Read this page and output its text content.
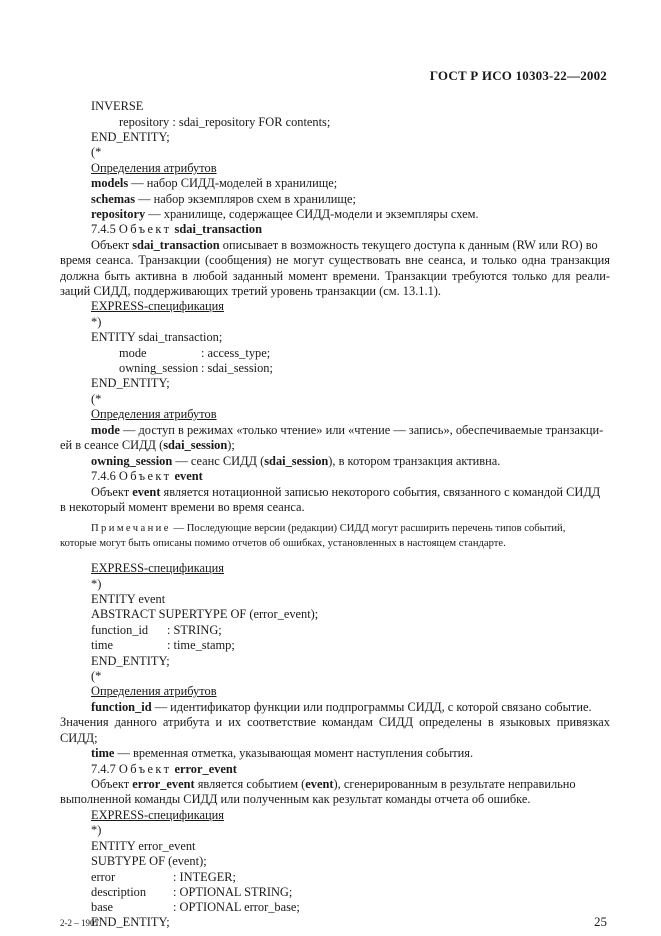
ГОСТ Р ИСО 10303-22—2002
INVERSE
repository : sdai_repository FOR contents;
END_ENTITY;
(*
Определения атрибутов
models — набор СИДД-моделей в хранилище;
schemas — набор экземпляров схем в хранилище;
repository — хранилище, содержащее СИДД-модели и экземпляры схем.
7.4.5 Объект sdai_transaction
Объект sdai_transaction описывает в возможность текущего доступа к данным (RW или RO) во
время сеанса. Транзакции (сообщения) не могут существовать вне сеанса, и только одна транзакция
должна быть активна в любой заданный момент времени. Транзакции требуются только для реали-
заций СИДД, поддерживающих третий уровень транзакции (см. 13.1.1).
EXPRESS-спецификация
*)
ENTITY sdai_transaction;
mode	: access_type;
owning_session : sdai_session;
END_ENTITY;
(*
Определения атрибутов
mode — доступ в режимах «только чтение» или «чтение — запись», обеспечиваемые транзакци-
ей в сеансе СИДД (sdai_session);
owning_session — сеанс СИДД (sdai_session), в котором транзакция активна.
7.4.6 Объект event
Объект event является нотационной записью некоторого события, связанного с командой СИДД
в некоторый момент времени во время сеанса.
Примечание — Последующие версии (редакции) СИДД могут расширить перечень типов событий,
которые могут быть описаны помимо отчетов об ошибках, установленных в настоящем стандарте.
EXPRESS-спецификация
*)
ENTITY event
ABSTRACT SUPERTYPE OF (error_event);
function_id : STRING;
time	: time_stamp;
END_ENTITY;
(*
Определения атрибутов
function_id — идентификатор функции или подпрограммы СИДД, с которой связано событие.
Значения данного атрибута и их соответствие командам СИДД определены в языковых привязках
СИДД;
time — временная отметка, указывающая момент наступления события.
7.4.7 Объект error_event
Объект error_event является событием (event), сгенерированным в результате неправильно
выполненной команды СИДД или полученным как результат команды отчета об ошибке.
EXPRESS-спецификация
*)
ENTITY error_event
SUBTYPE OF (event);
error	: INTEGER;
description : OPTIONAL STRING;
base	: OPTIONAL error_base;
END_ENTITY;
2-2 – 1907	25
